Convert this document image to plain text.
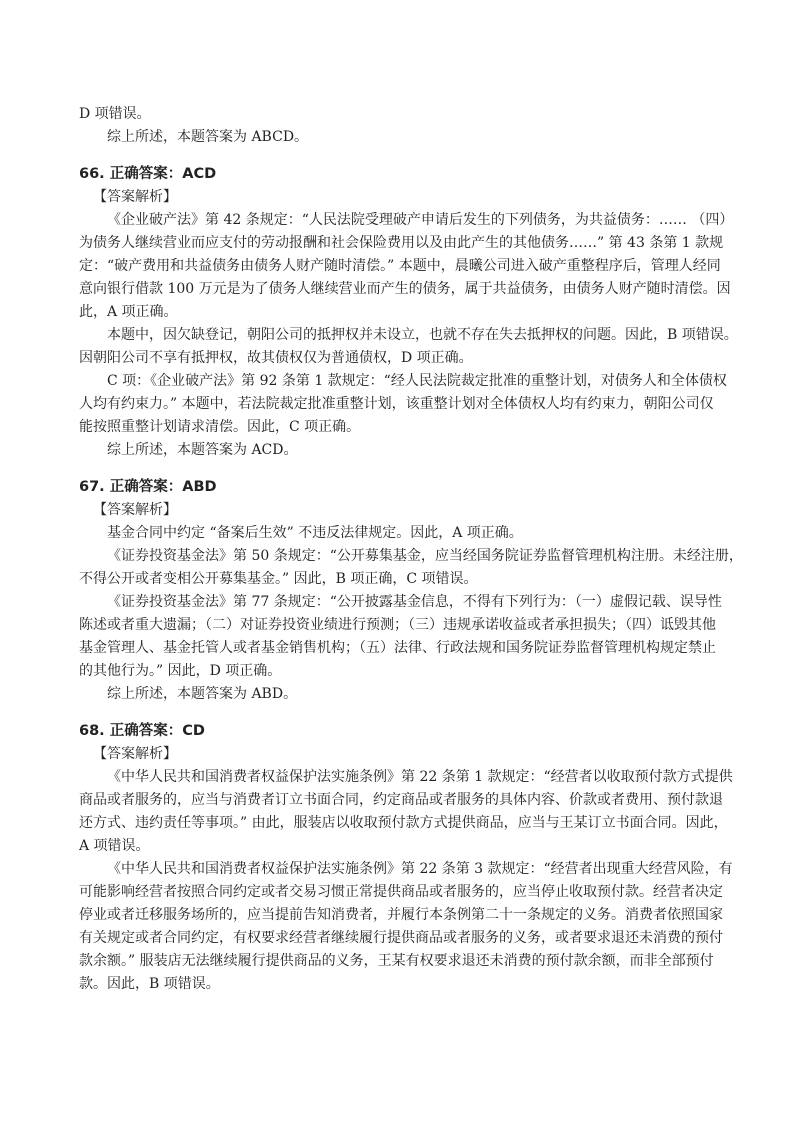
D 项错误。
综上所述，本题答案为 ABCD。
66. 正确答案：ACD
【答案解析】
《企业破产法》第 42 条规定：“人民法院受理破产申请后发生的下列债务，为共益债务：…… （四）
为债务人继续营业而应支付的劳动报酬和社会保险费用以及由此产生的其他债务……” 第 43 条第 1 款规
定：“破产费用和共益债务由债务人财产随时清偿。” 本题中，晨曦公司进入破产重整程序后，管理人经同
意向银行借款 100 万元是为了债务人继续营业而产生的债务，属于共益债务，由债务人财产随时清偿。因
此，A 项正确。
本题中，因欠缺登记，朝阳公司的抵押权并未设立，也就不存在失去抵押权的问题。因此，B 项错误。
因朝阳公司不享有抵押权，故其债权仅为普通债权，D 项正确。
C 项：《企业破产法》第 92 条第 1 款规定：“经人民法院裁定批准的重整计划，对债务人和全体债权
人均有约束力。” 本题中，若法院裁定批准重整计划，该重整计划对全体债权人均有约束力，朝阳公司仅
能按照重整计划请求清偿。因此，C 项正确。
综上所述，本题答案为 ACD。
67. 正确答案：ABD
【答案解析】
基金合同中约定 “备案后生效” 不违反法律规定。因此，A 项正确。
《证券投资基金法》第 50 条规定：“公开募集基金，应当经国务院证券监督管理机构注册。未经注册，
不得公开或者变相公开募集基金。” 因此，B 项正确，C 项错误。
《证券投资基金法》第 77 条规定：“公开披露基金信息，不得有下列行为：（一）虚假记载、误导性
陈述或者重大遗漏；（二）对证券投资业绩进行预测；（三）违规承诺收益或者承担损失；（四）诋毁其他
基金管理人、基金托管人或者基金销售机构；（五）法律、行政法规和国务院证券监督管理机构规定禁止
的其他行为。” 因此，D 项正确。
综上所述，本题答案为 ABD。
68. 正确答案：CD
【答案解析】
《中华人民共和国消费者权益保护法实施条例》第 22 条第 1 款规定：“经营者以收取预付款方式提供
商品或者服务的，应当与消费者订立书面合同，约定商品或者服务的具体内容、价款或者费用、预付款退
还方式、违约责任等事项。” 由此，服装店以收取预付款方式提供商品，应当与王某订立书面合同。因此，
A 项错误。
《中华人民共和国消费者权益保护法实施条例》第 22 条第 3 款规定：“经营者出现重大经营风险，有
可能影响经营者按照合同约定或者交易习惯正常提供商品或者服务的，应当停止收取预付款。经营者决定
停业或者迁移服务场所的，应当提前告知消费者，并履行本条例第二十一条规定的义务。消费者依照国家
有关规定或者合同约定，有权要求经营者继续履行提供商品或者服务的义务，或者要求退还未消费的预付
款余额。” 服装店无法继续履行提供商品的义务，王某有权要求退还未消费的预付款余额，而非全部预付
款。因此，B 项错误。
